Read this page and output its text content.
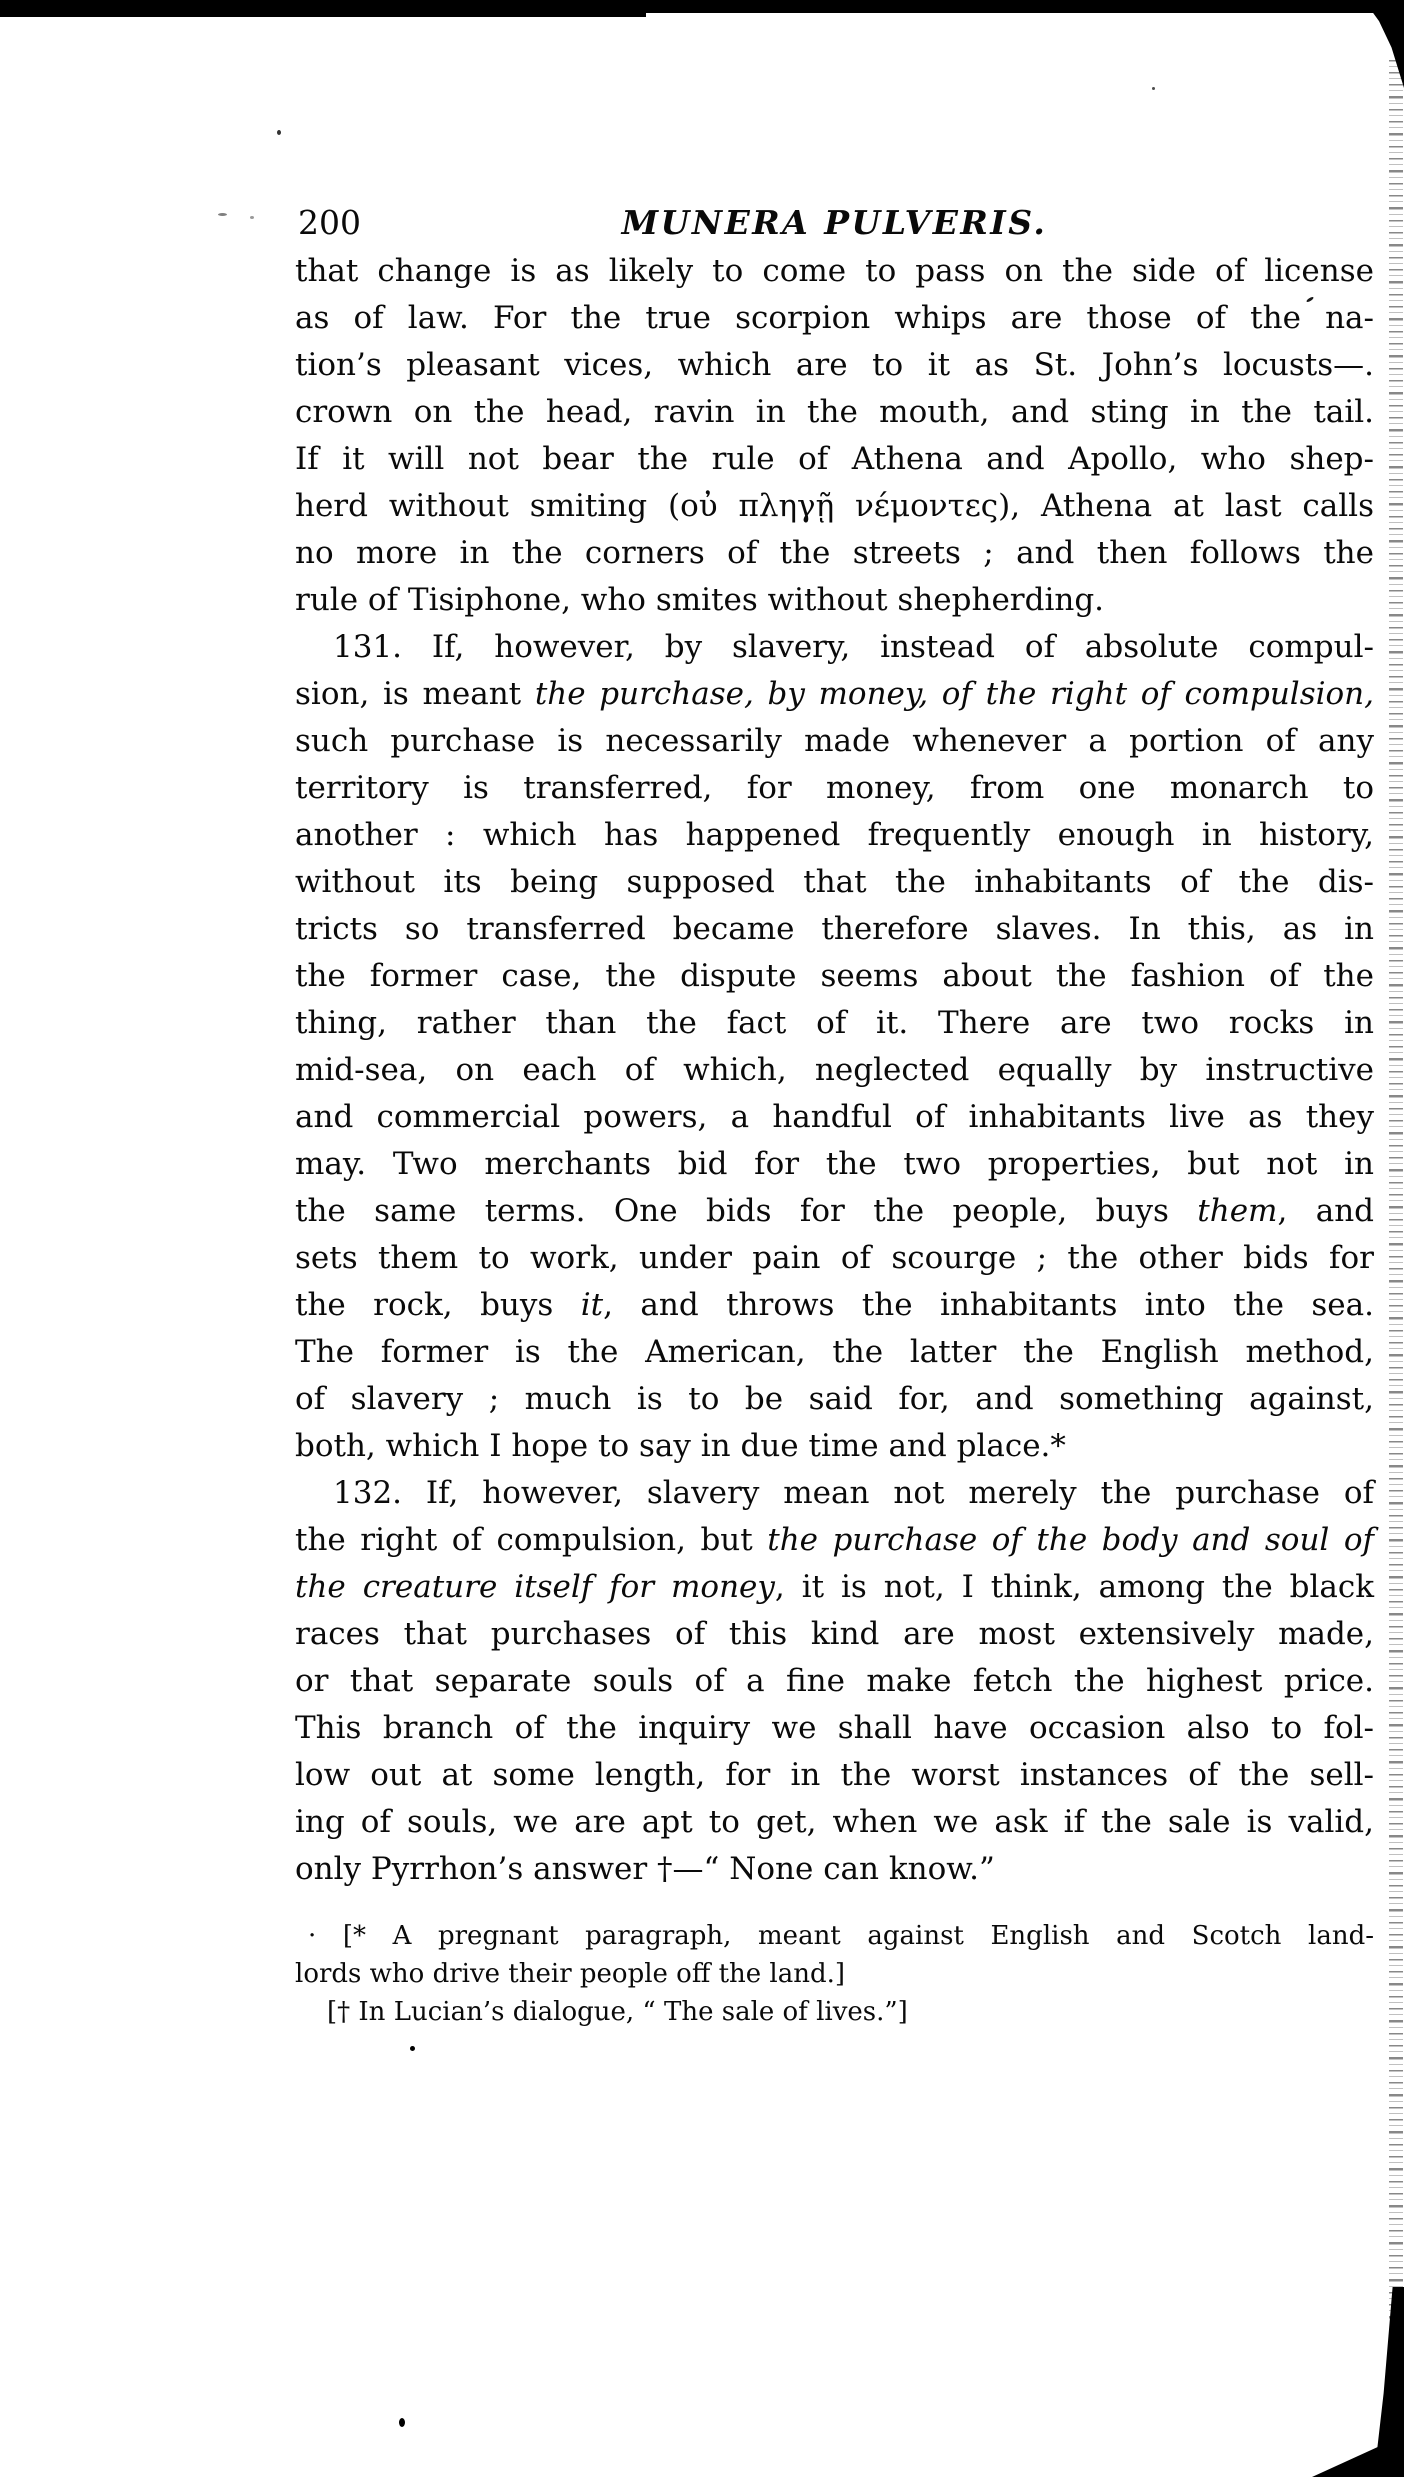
200	MUNERA PULVERIS.
that change is as likely to come to pass on the side of license
as of law. For the true scorpion whips are those of the na-
tion’s pleasant vices, which are to it as St. John’s locusts—.
crown on the head, ravin in the mouth, and sting in the tail.
If it will not bear the rule of Athena and Apollo, who shep-
herd without smiting (οὐ πληγῇ νέμοντες), Athena at last calls
no more in the corners of the streets ; and then follows the
rule of Tisiphone, who smites without shepherding.
131. If, however, by slavery, instead of absolute compul-
sion, is meant the purchase, by money, of the right of compulsion,
such purchase is necessarily made whenever a portion of any
territory is transferred, for money, from one monarch to
another : which has happened frequently enough in history,
without its being supposed that the inhabitants of the dis-
tricts so transferred became therefore slaves. In this, as in
the former case, the dispute seems about the fashion of the
thing, rather than the fact of it. There are two rocks in
mid-sea, on each of which, neglected equally by instructive
and commercial powers, a handful of inhabitants live as they
may. Two merchants bid for the two properties, but not in
the same terms. One bids for the people, buys them, and
sets them to work, under pain of scourge ; the other bids for
the rock, buys it, and throws the inhabitants into the sea.
The former is the American, the latter the English method,
of slavery ; much is to be said for, and something against,
both, which I hope to say in due time and place.*
132. If, however, slavery mean not merely the purchase of
the right of compulsion, but the purchase of the body and soul of
the creature itself for money, it is not, I think, among the black
races that purchases of this kind are most extensively made,
or that separate souls of a fine make fetch the highest price.
This branch of the inquiry we shall have occasion also to fol-
low out at some length, for in the worst instances of the sell-
ing of souls, we are apt to get, when we ask if the sale is valid,
only Pyrrhon’s answer †—“ None can know.”
· [* A pregnant paragraph, meant against English and Scotch land-
lords who drive their people off the land.]
[† In Lucian’s dialogue, “ The sale of lives.”]
